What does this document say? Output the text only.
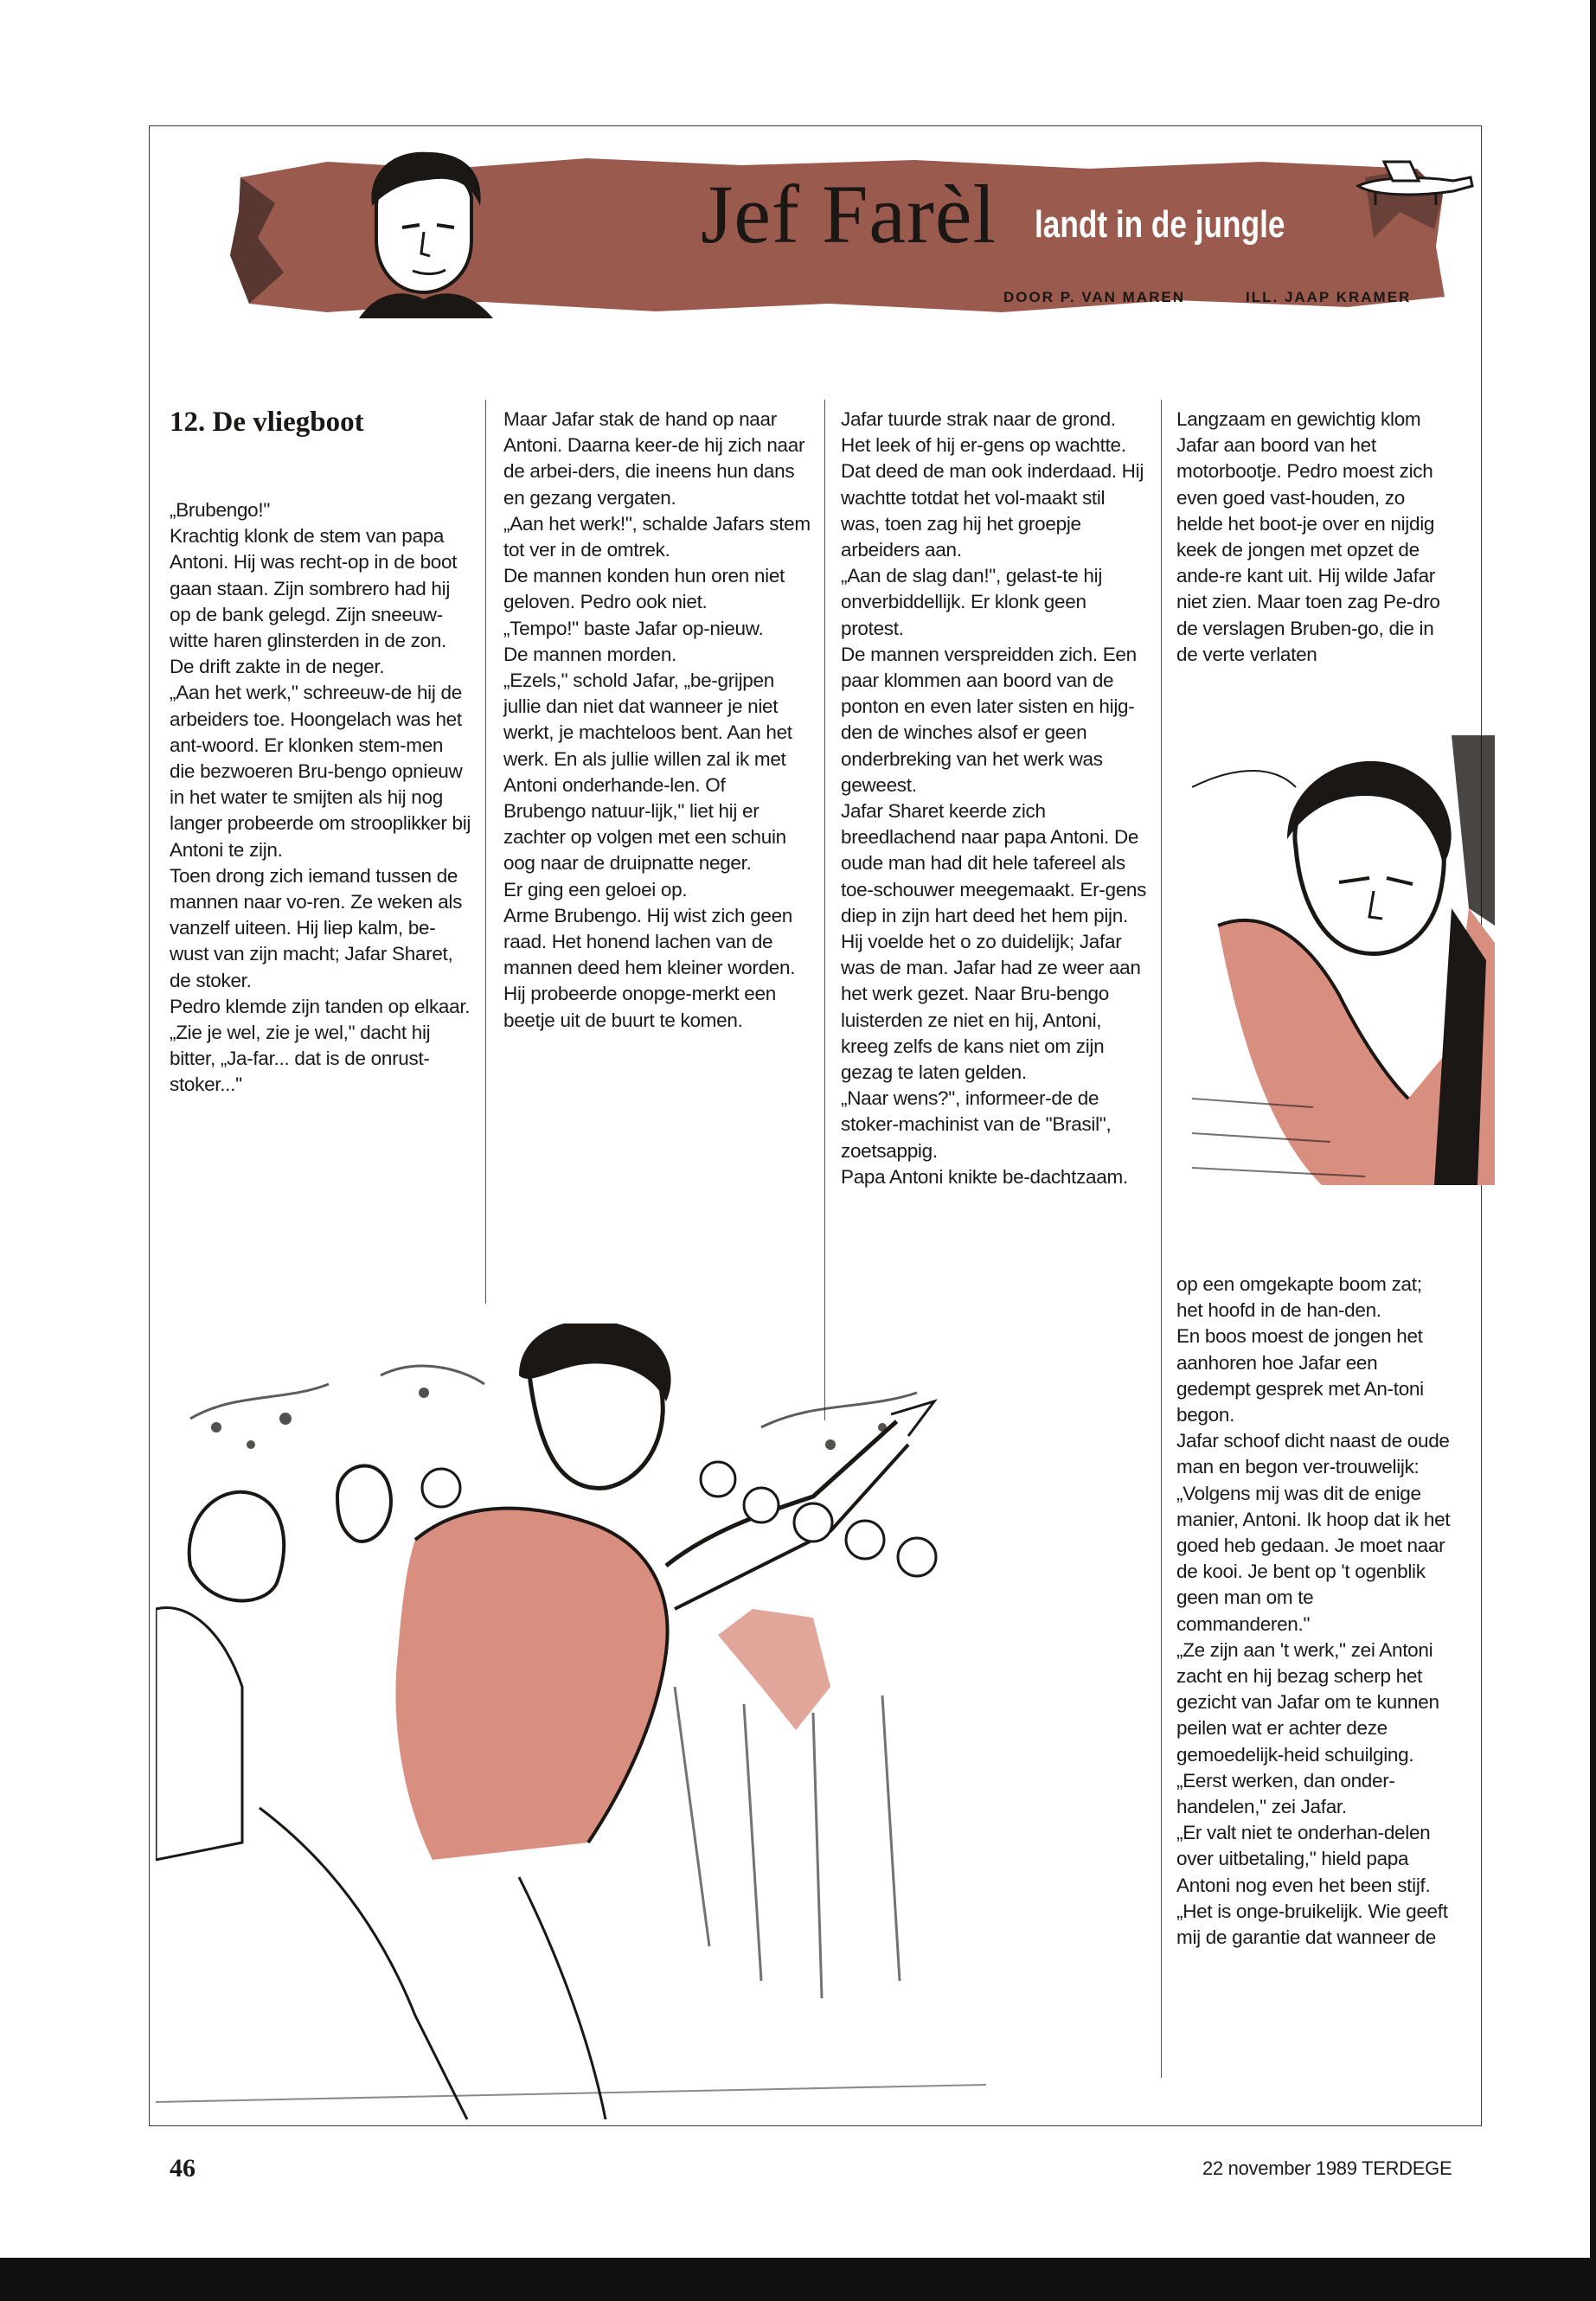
Jef Farèl landt in de jungle
DOOR P. VAN MAREN	ILL. JAAP KRAMER
12. De vliegboot

„Brubengo!"
Krachtig klonk de stem van papa Antoni. Hij was recht-op in de boot gaan staan. Zijn sombrero had hij op de bank gelegd. Zijn sneeuw-witte haren glinsterden in de zon. De drift zakte in de neger.
„Aan het werk," schreeuw-de hij de arbeiders toe. Hoongelach was het ant-woord. Er klonken stem-men die bezwoeren Bru-bengo opnieuw in het water te smijten als hij nog langer probeerde om strooplikker bij Antoni te zijn.
Toen drong zich iemand tussen de mannen naar vo-ren. Ze weken als vanzelf uiteen. Hij liep kalm, be-wust van zijn macht; Jafar Sharet, de stoker.
Pedro klemde zijn tanden op elkaar. „Zie je wel, zie je wel," dacht hij bitter, „Ja-far... dat is de onrust-stoker..."

Maar Jafar stak de hand op naar Antoni. Daarna keer-de hij zich naar de arbei-ders, die ineens hun dans en gezang vergaten.
„Aan het werk!", schalde Jafars stem tot ver in de omtrek.
De mannen konden hun oren niet geloven. Pedro ook niet.
„Tempo!" baste Jafar op-nieuw.
De mannen morden.
„Ezels," schold Jafar, „be-grijpen jullie dan niet dat wanneer je niet werkt, je machteloos bent. Aan het werk. En als jullie willen zal ik met Antoni onderhande-len. Of Brubengo natuur-lijk," liet hij er zachter op volgen met een schuin oog naar de druipnatte neger.
Er ging een geloei op.
Arme Brubengo. Hij wist zich geen raad. Het honend lachen van de mannen deed hem kleiner worden.
Hij probeerde onopge-merkt een beetje uit de buurt te komen.

Jafar tuurde strak naar de grond. Het leek of hij er-gens op wachtte. Dat deed de man ook inderdaad. Hij wachtte totdat het vol-maakt stil was, toen zag hij het groepje arbeiders aan.
„Aan de slag dan!", gelast-te hij onverbiddellijk. Er klonk geen protest.
De mannen verspreidden zich. Een paar klommen aan boord van de ponton en even later sisten en hijg-den de winches alsof er geen onderbreking van het werk was geweest.
Jafar Sharet keerde zich breedlachend naar papa Antoni. De oude man had dit hele tafereel als toe-schouwer meegemaakt. Er-gens diep in zijn hart deed het hem pijn. Hij voelde het o zo duidelijk; Jafar was de man. Jafar had ze weer aan het werk gezet. Naar Bru-bengo luisterden ze niet en hij, Antoni, kreeg zelfs de kans niet om zijn gezag te laten gelden.
„Naar wens?", informeer-de de stoker-machinist van de "Brasil", zoetsappig.
Papa Antoni knikte be-dachtzaam.

Langzaam en gewichtig klom Jafar aan boord van het motorbootje. Pedro moest zich even goed vast-houden, zo helde het boot-je over en nijdig keek de jongen met opzet de ande-re kant uit. Hij wilde Jafar niet zien. Maar toen zag Pe-dro de verslagen Bruben-go, die in de verte verlaten

op een omgekapte boom zat; het hoofd in de han-den.
En boos moest de jongen het aanhoren hoe Jafar een gedempt gesprek met An-toni begon.
Jafar schoof dicht naast de oude man en begon ver-trouwelijk: „Volgens mij was dit de enige manier, Antoni. Ik hoop dat ik het goed heb gedaan. Je moet naar de kooi. Je bent op 't ogenblik geen man om te commanderen."
„Ze zijn aan 't werk," zei Antoni zacht en hij bezag scherp het gezicht van Jafar om te kunnen peilen wat er achter deze gemoedelijk-heid schuilging.
„Eerst werken, dan onder-handelen," zei Jafar.
„Er valt niet te onderhan-delen over uitbetaling," hield papa Antoni nog even het been stijf. „Het is onge-bruikelijk. Wie geeft mij de garantie dat wanneer de

46	22 november 1989 TERDEGE
